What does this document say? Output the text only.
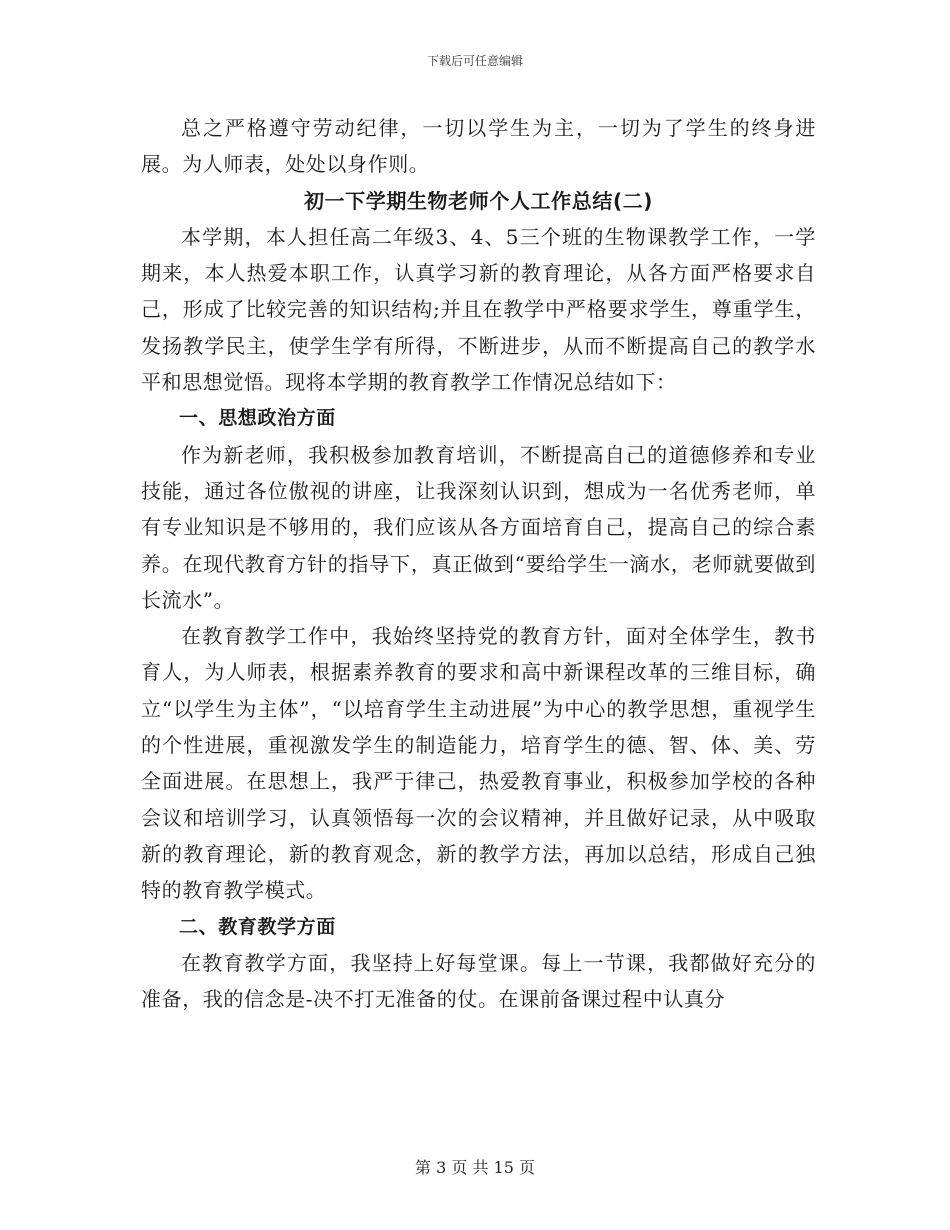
下载后可任意编辑

总之严格遵守劳动纪律，一切以学生为主，一切为了学生的终身进展。为人师表，处处以身作则。

初一下学期生物老师个人工作总结(二)

本学期，本人担任高二年级3、4、5三个班的生物课教学工作，一学期来，本人热爱本职工作，认真学习新的教育理论，从各方面严格要求自己，形成了比较完善的知识结构;并且在教学中严格要求学生，尊重学生，发扬教学民主，使学生学有所得，不断进步，从而不断提高自己的教学水平和思想觉悟。现将本学期的教育教学工作情况总结如下：

一、思想政治方面

作为新老师，我积极参加教育培训，不断提高自己的道德修养和专业技能，通过各位傲视的讲座，让我深刻认识到，想成为一名优秀老师，单有专业知识是不够用的，我们应该从各方面培育自己，提高自己的综合素养。在现代教育方针的指导下，真正做到“要给学生一滴水，老师就要做到长流水”。

在教育教学工作中，我始终坚持党的教育方针，面对全体学生，教书育人，为人师表，根据素养教育的要求和高中新课程改革的三维目标，确立“以学生为主体”，“以培育学生主动进展”为中心的教学思想，重视学生的个性进展，重视激发学生的制造能力，培育学生的德、智、体、美、劳全面进展。在思想上，我严于律己，热爱教育事业，积极参加学校的各种会议和培训学习，认真领悟每一次的会议精神，并且做好记录，从中吸取新的教育理论，新的教育观念，新的教学方法，再加以总结，形成自己独特的教育教学模式。

二、教育教学方面

在教育教学方面，我坚持上好每堂课。每上一节课，我都做好充分的准备，我的信念是-决不打无准备的仗。在课前备课过程中认真分

第 3 页 共 15 页
